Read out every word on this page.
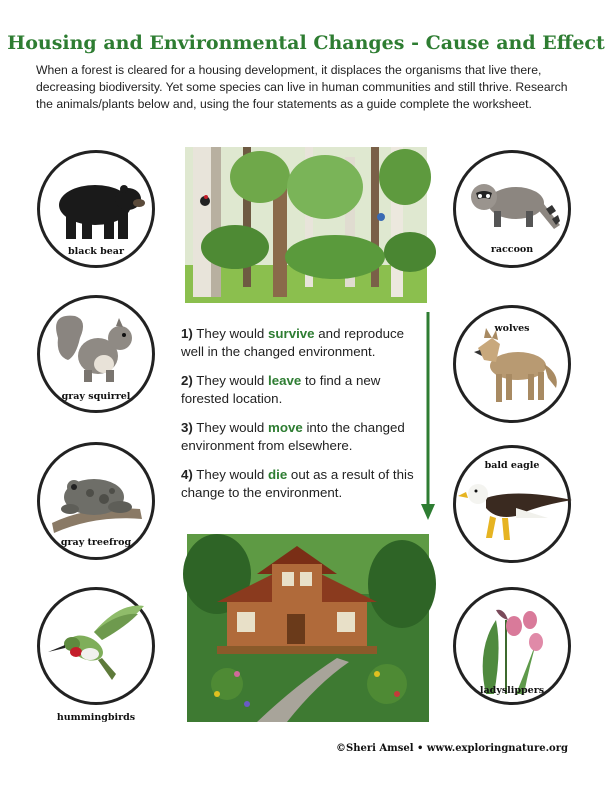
Housing and Environmental Changes - Cause and Effect
When a forest is cleared for a housing development, it displaces the organisms that live there, decreasing biodiversity. Yet some species can live in human communities and still thrive. Research the animals/plants below and, using the four statements as a guide complete the worksheet.
black bear
gray squirrel
gray treefrog
hummingbirds
raccoon
wolves
bald eagle
ladyslippers
1) They would survive and reproduce well in the changed environment.
2) They would leave to find a new forested location.
3) They would move into the changed environment from elsewhere.
4) They would die out as a result of this change to the environment.
©Sheri Amsel • www.exploringnature.org
